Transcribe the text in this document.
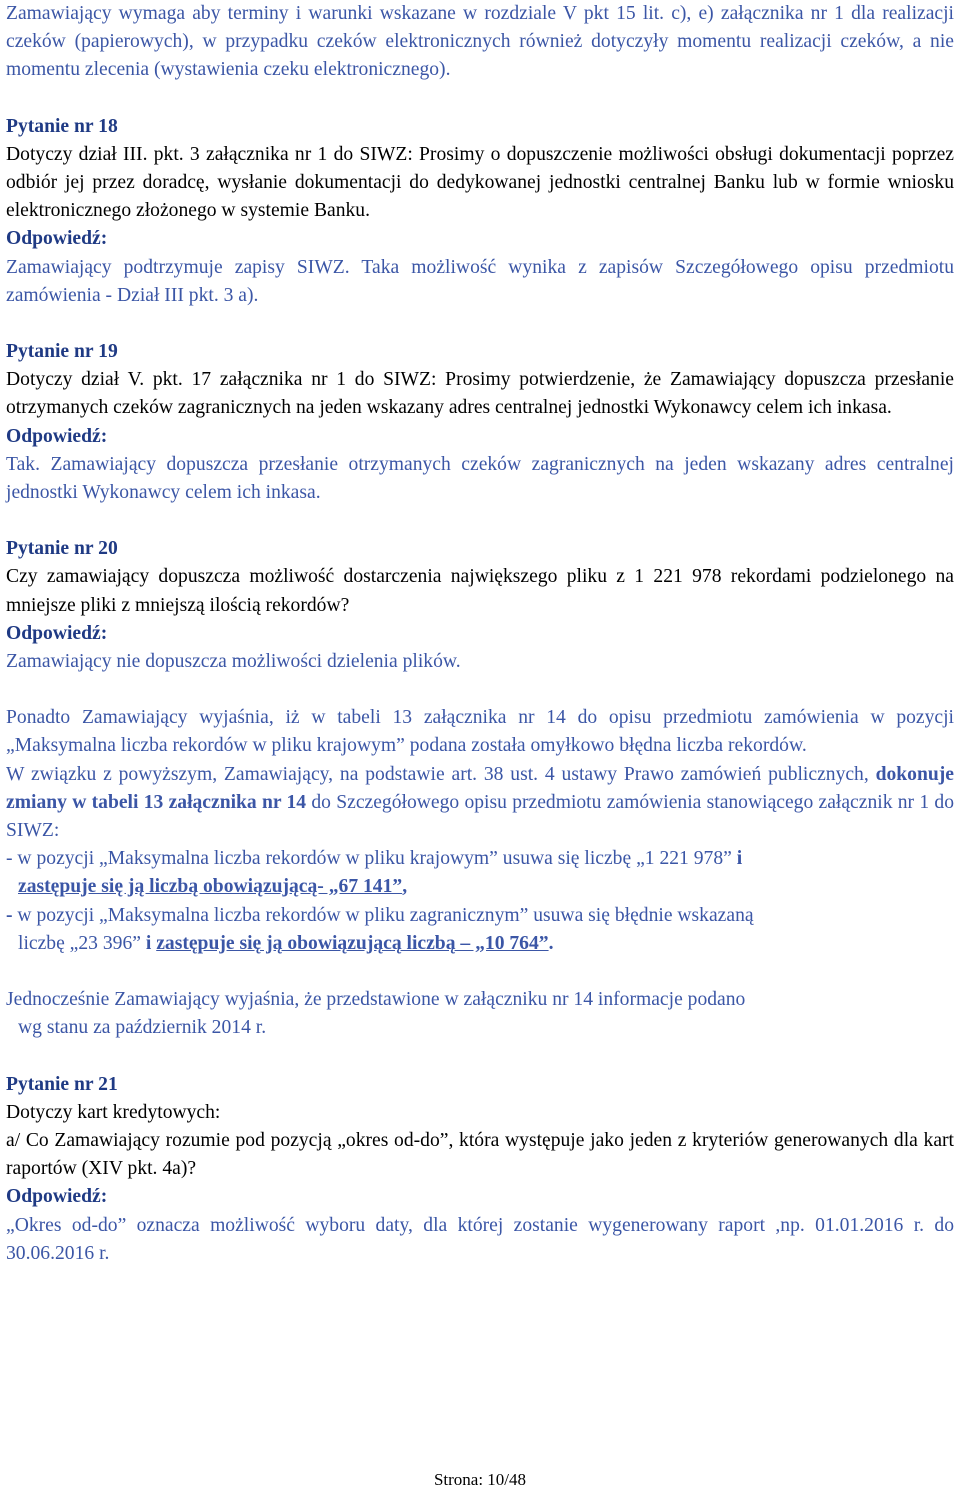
Zamawiający wymaga aby terminy i warunki wskazane w rozdziale V pkt 15 lit. c), e) załącznika nr 1 dla realizacji czeków (papierowych), w przypadku czeków elektronicznych również dotyczyły momentu realizacji czeków, a nie momentu zlecenia (wystawienia czeku elektronicznego).

Pytanie nr 18

Dotyczy dział III. pkt. 3 załącznika nr 1 do SIWZ: Prosimy o dopuszczenie możliwości obsługi dokumentacji poprzez odbiór jej przez doradcę, wysłanie dokumentacji do dedykowanej jednostki centralnej Banku lub w formie wniosku elektronicznego złożonego w systemie Banku.

Odpowiedź:

Zamawiający podtrzymuje zapisy SIWZ. Taka możliwość wynika z zapisów Szczegółowego opisu przedmiotu zamówienia - Dział III pkt. 3 a).

Pytanie nr 19

Dotyczy dział V. pkt. 17 załącznika nr 1 do SIWZ: Prosimy potwierdzenie, że Zamawiający dopuszcza przesłanie otrzymanych czeków zagranicznych na jeden wskazany adres centralnej jednostki Wykonawcy celem ich inkasa.

Odpowiedź:

Tak. Zamawiający dopuszcza przesłanie otrzymanych czeków zagranicznych na jeden wskazany adres centralnej jednostki Wykonawcy celem ich inkasa.

Pytanie nr 20

Czy zamawiający dopuszcza możliwość dostarczenia największego pliku z 1 221 978 rekordami podzielonego na mniejsze pliki z mniejszą ilością rekordów?

Odpowiedź:

Zamawiający nie dopuszcza możliwości dzielenia plików.

Ponadto Zamawiający wyjaśnia, iż w tabeli 13 załącznika nr 14 do opisu przedmiotu zamówienia w pozycji „Maksymalna liczba rekordów w pliku krajowym” podana została omyłkowo błędna liczba rekordów.

W związku z powyższym, Zamawiający, na podstawie art. 38 ust. 4 ustawy Prawo zamówień publicznych, dokonuje zmiany w tabeli 13 załącznika nr 14 do Szczegółowego opisu przedmiotu zamówienia stanowiącego załącznik nr 1 do SIWZ:

- w pozycji „Maksymalna liczba rekordów w pliku krajowym” usuwa się liczbę „1 221 978” i
zastępuje się ją liczbą obowiązującą- „67 141”,

- w pozycji „Maksymalna liczba rekordów w pliku zagranicznym” usuwa się błędnie wskazaną
liczbę „23 396” i zastępuje się ją obowiązującą liczbą – „10 764”.

Jednocześnie Zamawiający wyjaśnia, że przedstawione w załączniku nr 14 informacje podano
wg stanu za październik 2014 r.

Pytanie nr 21

Dotyczy kart kredytowych:

a/ Co Zamawiający rozumie pod pozycją „okres od-do”, która występuje jako jeden z kryteriów generowanych dla kart raportów (XIV pkt. 4a)?

Odpowiedź:

„Okres od-do” oznacza możliwość wyboru daty, dla której zostanie wygenerowany raport ,np. 01.01.2016 r. do 30.06.2016 r.

Strona: 10/48
